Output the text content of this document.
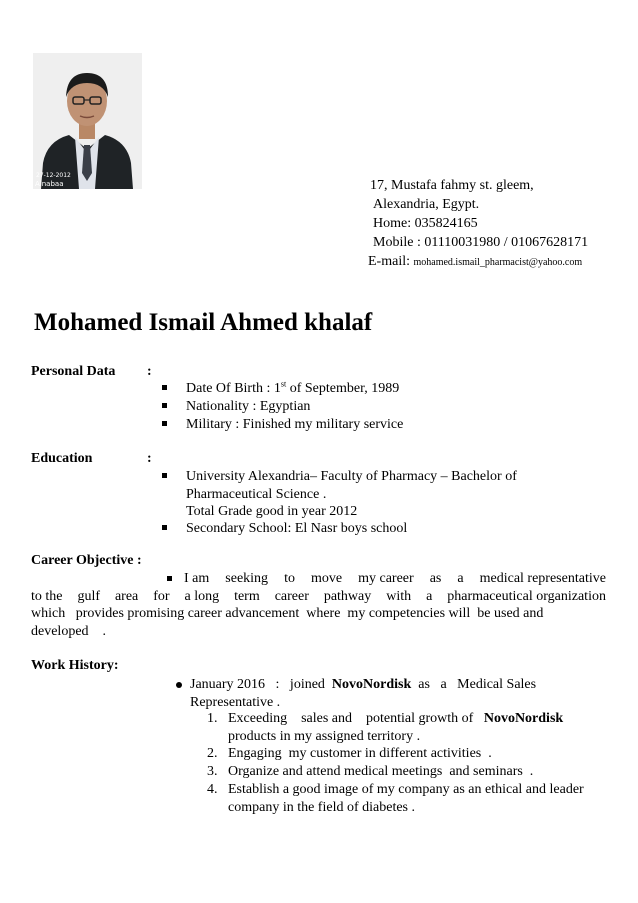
27-12-2012
Alnabaa	17, Mustafa fahmy st. gleem,
Alexandria, Egypt.
Home: 035824165
Mobile : 01110031980 / 01067628171
E-mail: mohamed.ismail_pharmacist@yahoo.com
Mohamed Ismail Ahmed khalaf
Personal Data :
Date Of Birth : 1st of September, 1989
Nationality : Egyptian
Military : Finished my military service
Education	:
University Alexandria– Faculty of Pharmacy – Bachelor of
Pharmaceutical Science .
Total Grade good in year 2012
Secondary School: El Nasr boys school
Career Objective :
I am seeking to move my career as a medical representative
to the gulf area for a long term career pathway with a pharmaceutical organization
which   provides promising career advancement  where  my competencies will  be used and
developed    .
Work History:
January 2016   :   joined  NovoNordisk  as   a   Medical Sales
Representative .
1. Exceeding    sales and    potential growth of   NovoNordisk
products in my assigned territory .
2. Engaging  my customer in different activities  .
3. Organize and attend medical meetings  and seminars  .
4. Establish a good image of my company as an ethical and leader
company in the field of diabetes .
